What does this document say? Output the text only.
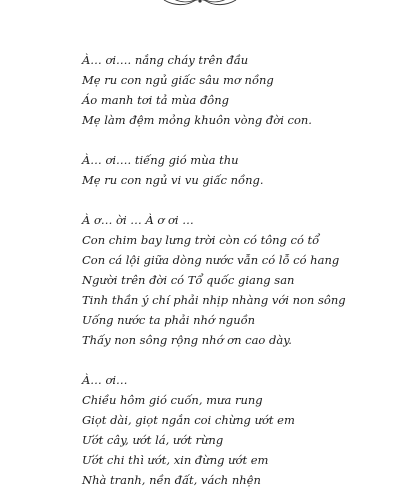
À… ơi…. nắng cháy trên đầu
Mẹ ru con ngủ giấc sâu mơ nồng
Áo manh tơi tả mùa đông
Mẹ làm đệm mỏng khuôn vòng đời con.
À… ơi…. tiếng gió mùa thu
Mẹ ru con ngủ vi vu giấc nồng.
À ơ… ời … À ơ ơi …
Con chim bay lưng trời còn có tông có tổ
Con cá lội giữa dòng nước vẫn có lỗ có hang
Người trên đời có Tổ quốc giang san
Tinh thần ý chí phải nhịp nhàng với non sông
Uống nước ta phải nhớ nguồn
Thấy non sông rộng nhớ ơn cao dày.
À… ơi…
Chiều hôm gió cuốn, mưa rung
Giọt dài, giọt ngắn coi chừng ướt em
Ướt cây, ướt lá, ướt rừng
Ướt chi thì ướt, xin đừng ướt em
Nhà tranh, nền đất, vách nhện
